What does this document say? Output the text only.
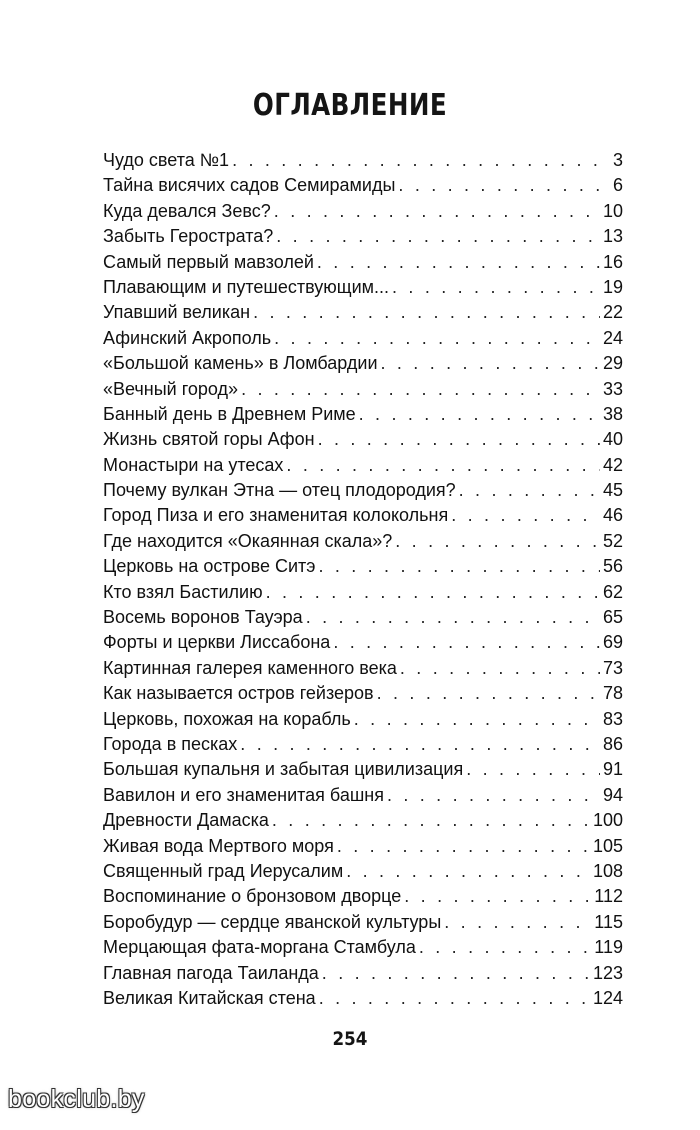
ОГЛАВЛЕНИЕ
Чудо света №1 . . .	3
Тайна висячих садов Семирамиды . . .	6
Куда девался Зевс? . . .	10
Забыть Герострата? . . .	13
Самый первый мавзолей . . .	16
Плавающим и путешествующим... . . .	19
Упавший великан . . .	22
Афинский Акрополь . . .	24
«Большой камень» в Ломбардии . . .	29
«Вечный город» . . .	33
Банный день в Древнем Риме . . .	38
Жизнь святой горы Афон . . .	40
Монастыри на утесах . . .	42
Почему вулкан Этна — отец плодородия? . . .	45
Город Пиза и его знаменитая колокольня . . .	46
Где находится «Окаянная скала»? . . .	52
Церковь на острове Ситэ . . .	56
Кто взял Бастилию . . .	62
Восемь воронов Тауэра . . .	65
Форты и церкви Лиссабона . . .	69
Картинная галерея каменного века . . .	73
Как называется остров гейзеров . . .	78
Церковь, похожая на корабль . . .	83
Города в песках . . .	86
Большая купальня и забытая цивилизация . . .	91
Вавилон и его знаменитая башня . . .	94
Древности Дамаска . . .	100
Живая вода Мертвого моря . . .	105
Священный град Иерусалим . . .	108
Воспоминание о бронзовом дворце . . .	112
Боробудур — сердце яванской культуры . . .	115
Мерцающая фата-моргана Стамбула . . .	119
Главная пагода Таиланда . . .	123
Великая Китайская стена . . .	124
254
bookclub.by
